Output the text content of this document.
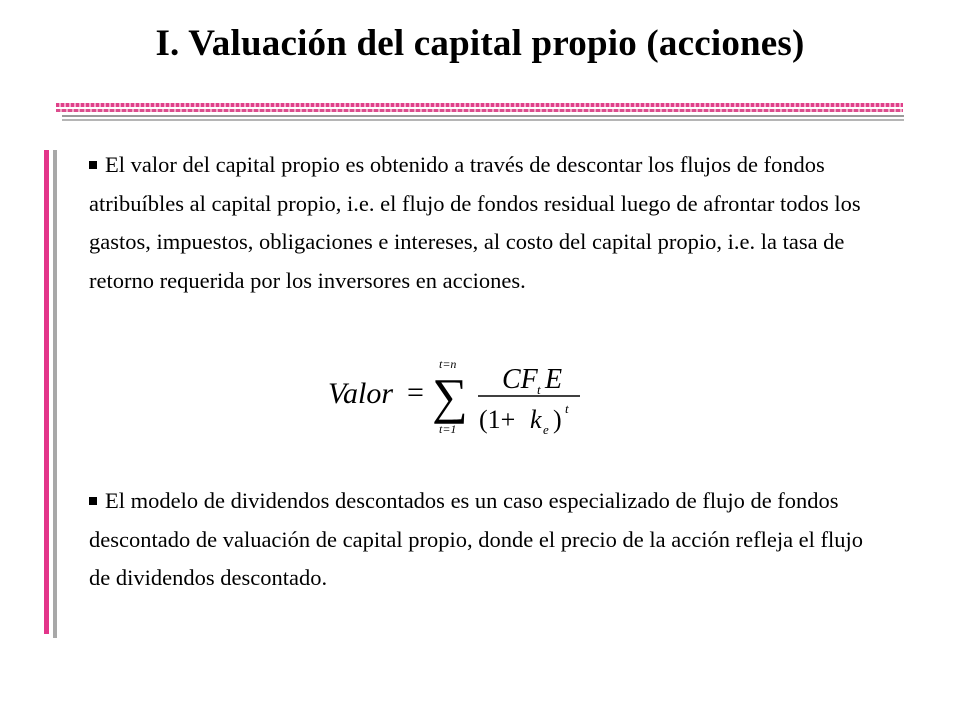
I. Valuación del capital propio (acciones)
El valor del capital propio es obtenido a través de descontar los flujos de fondos atribuíbles al capital propio, i.e. el flujo de fondos residual luego de afrontar todos los gastos, impuestos, obligaciones e intereses, al costo del capital propio, i.e. la tasa de retorno requerida por los inversores en acciones.
Valor =
t=n
∑
t=1
CF t E
(1+ k e ) t
El modelo de dividendos descontados es un caso especializado de flujo de fondos descontado de valuación de capital propio, donde el precio de la acción refleja el flujo de dividendos descontado.
